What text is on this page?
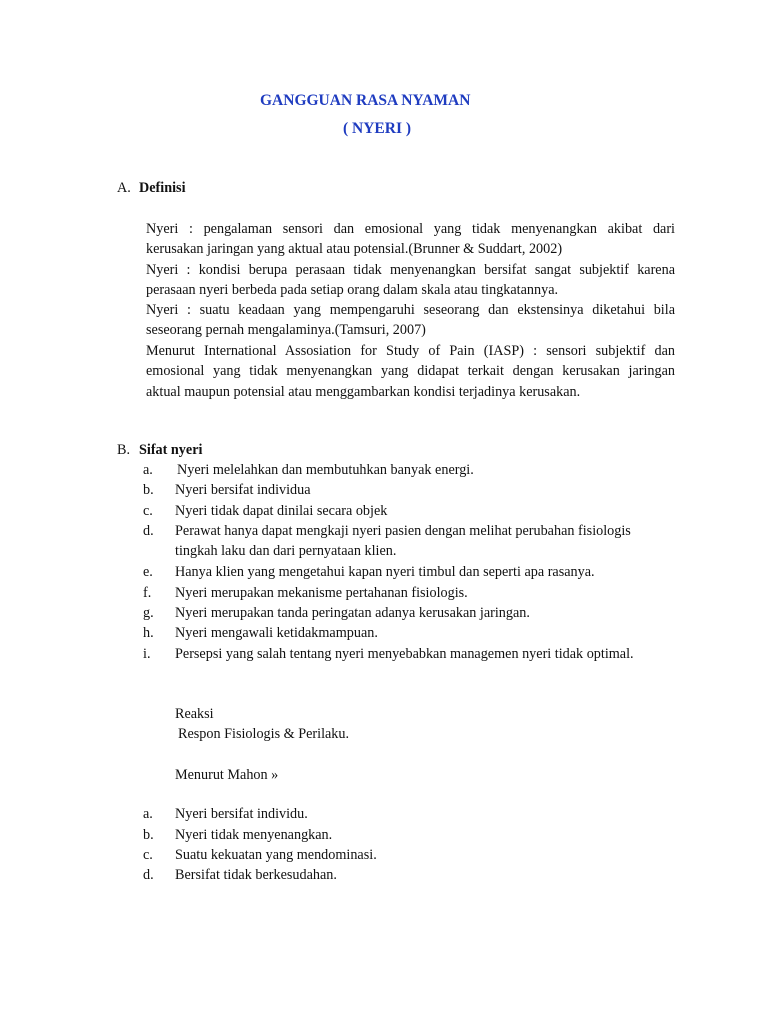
GANGGUAN RASA NYAMAN
( NYERI )
A. Definisi
Nyeri : pengalaman sensori dan emosional yang tidak menyenangkan akibat dari
kerusakan jaringan yang aktual atau potensial.(Brunner & Suddart, 2002)
Nyeri : kondisi berupa perasaan tidak menyenangkan bersifat sangat subjektif karena
perasaan nyeri berbeda pada setiap orang dalam skala atau tingkatannya.
Nyeri : suatu keadaan yang mempengaruhi seseorang dan ekstensinya diketahui bila
seseorang pernah mengalaminya.(Tamsuri, 2007)
Menurut International Assosiation for Study of Pain (IASP) : sensori subjektif dan
emosional yang tidak menyenangkan yang didapat terkait dengan kerusakan jaringan
aktual maupun potensial atau menggambarkan kondisi terjadinya kerusakan.
B. Sifat nyeri
a. Nyeri melelahkan dan membutuhkan banyak energi.
b. Nyeri bersifat individua
c. Nyeri tidak dapat dinilai secara objek
d. Perawat hanya dapat mengkaji nyeri pasien dengan melihat perubahan fisiologis
tingkah laku dan dari pernyataan klien.
e. Hanya klien yang mengetahui kapan nyeri timbul dan seperti apa rasanya.
f. Nyeri merupakan mekanisme pertahanan fisiologis.
g. Nyeri merupakan tanda peringatan adanya kerusakan jaringan.
h. Nyeri mengawali ketidakmampuan.
i. Persepsi yang salah tentang nyeri menyebabkan managemen nyeri tidak optimal.
Reaksi
Respon Fisiologis & Perilaku.
Menurut Mahon »
a. Nyeri bersifat individu.
b. Nyeri tidak menyenangkan.
c. Suatu kekuatan yang mendominasi.
d. Bersifat tidak berkesudahan.
